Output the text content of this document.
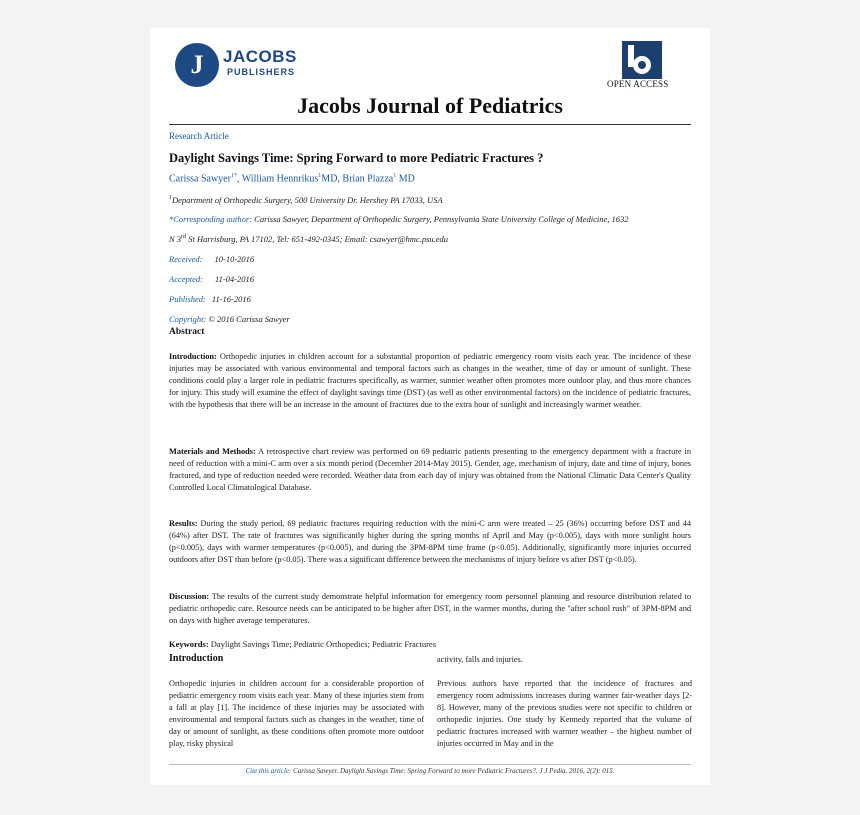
J	JACOBS
PUBLISHERS
OPEN ACCESS
Jacobs Journal of Pediatrics
Research Article
Daylight Savings Time: Spring Forward to more Pediatric Fractures ?
Carissa Sawyer$^{1*}$, William Hennrikus$^1$MD, Brian Piazza$^1$ MD
$^1$Department of Orthopedic Surgery, 500 University Dr. Hershey PA 17033, USA
*Corresponding author: Carissa Sawyer, Department of Orthopedic Surgery, Pennsylvania State University College of Medicine, 1632
N 3rd St Harrisburg, PA 17102, Tel: 651-492-0345; Email: csawyer@hmc.psu.edu
Received: 10-10-2016
Accepted: 11-04-2016
Published: 11-16-2016
Copyright: © 2016 Carissa Sawyer
Abstract
Introduction: Orthopedic injuries in children account for a substantial proportion of pediatric emergency room visits each year. The incidence of these injuries may be associated with various environmental and temporal factors such as changes in the weather, time of day or amount of sunlight. These conditions could play a larger role in pediatric fractures specifically, as warmer, sunnier weather often promotes more outdoor play, and thus more chances for injury. This study will examine the effect of daylight savings time (DST) (as well as other environmental factors) on the incidence of pediatric fractures, with the hypothesis that there will be an increase in the amount of fractures due to the extra hour of sunlight and increasingly warmer weather.
Materials and Methods: A retrospective chart review was performed on 69 pediatric patients presenting to the emergency department with a fracture in need of reduction with a mini-C arm over a six month period (December 2014-May 2015). Gender, age, mechanism of injury, date and time of injury, bones fractured, and type of reduction needed were recorded. Weather data from each day of injury was obtained from the National Climatic Data Center's Quality Controlled Local Climatological Database.
Results: During the study period, 69 pediatric fractures requiring reduction with the mini-C arm were treated – 25 (36%) occurring before DST and 44 (64%) after DST. The rate of fractures was significantly higher during the spring months of April and May (p<0.005), days with more sunlight hours (p<0.005), days with warmer temperatures (p<0.005), and during the 3PM-8PM time frame (p<0.05). Additionally, significantly more injuries occurred outdoors after DST than before (p<0.05). There was a significant difference between the mechanisms of injury before vs after DST (p<0.05).
Discussion: The results of the current study demonstrate helpful information for emergency room personnel planning and resource distribution related to pediatric orthopedic care. Resource needs can be anticipated to be higher after DST, in the warmer months, during the "after school rush" of 3PM-8PM and on days with higher average temperatures.
Keywords: Daylight Savings Time; Pediatric Orthopedics; Pediatric Fractures
Introduction
Orthopedic injuries in children account for a considerable proportion of pediatric emergency room visits each year. Many of these injuries stem from a fall at play [1]. The incidence of these injuries may be associated with environmental and temporal factors such as changes in the weather, time of day or amount of sunlight, as these conditions often promote more outdoor play, risky physical
activity, falls and injuries.
Previous authors have reported that the incidence of fractures and emergency room admissions increases during warmer fair-weather days [2-8]. However, many of the previous studies were not specific to children or orthopedic injuries. One study by Kennedy reported that the volume of pediatric fractures increased with warmer weather – the highest number of injuries occurred in May and in the
Cite this article: Carissa Sawyer. Daylight Savings Time: Spring Forward to more Pediatric Fractures?. J J Pedia. 2016, 2(2): 015.
